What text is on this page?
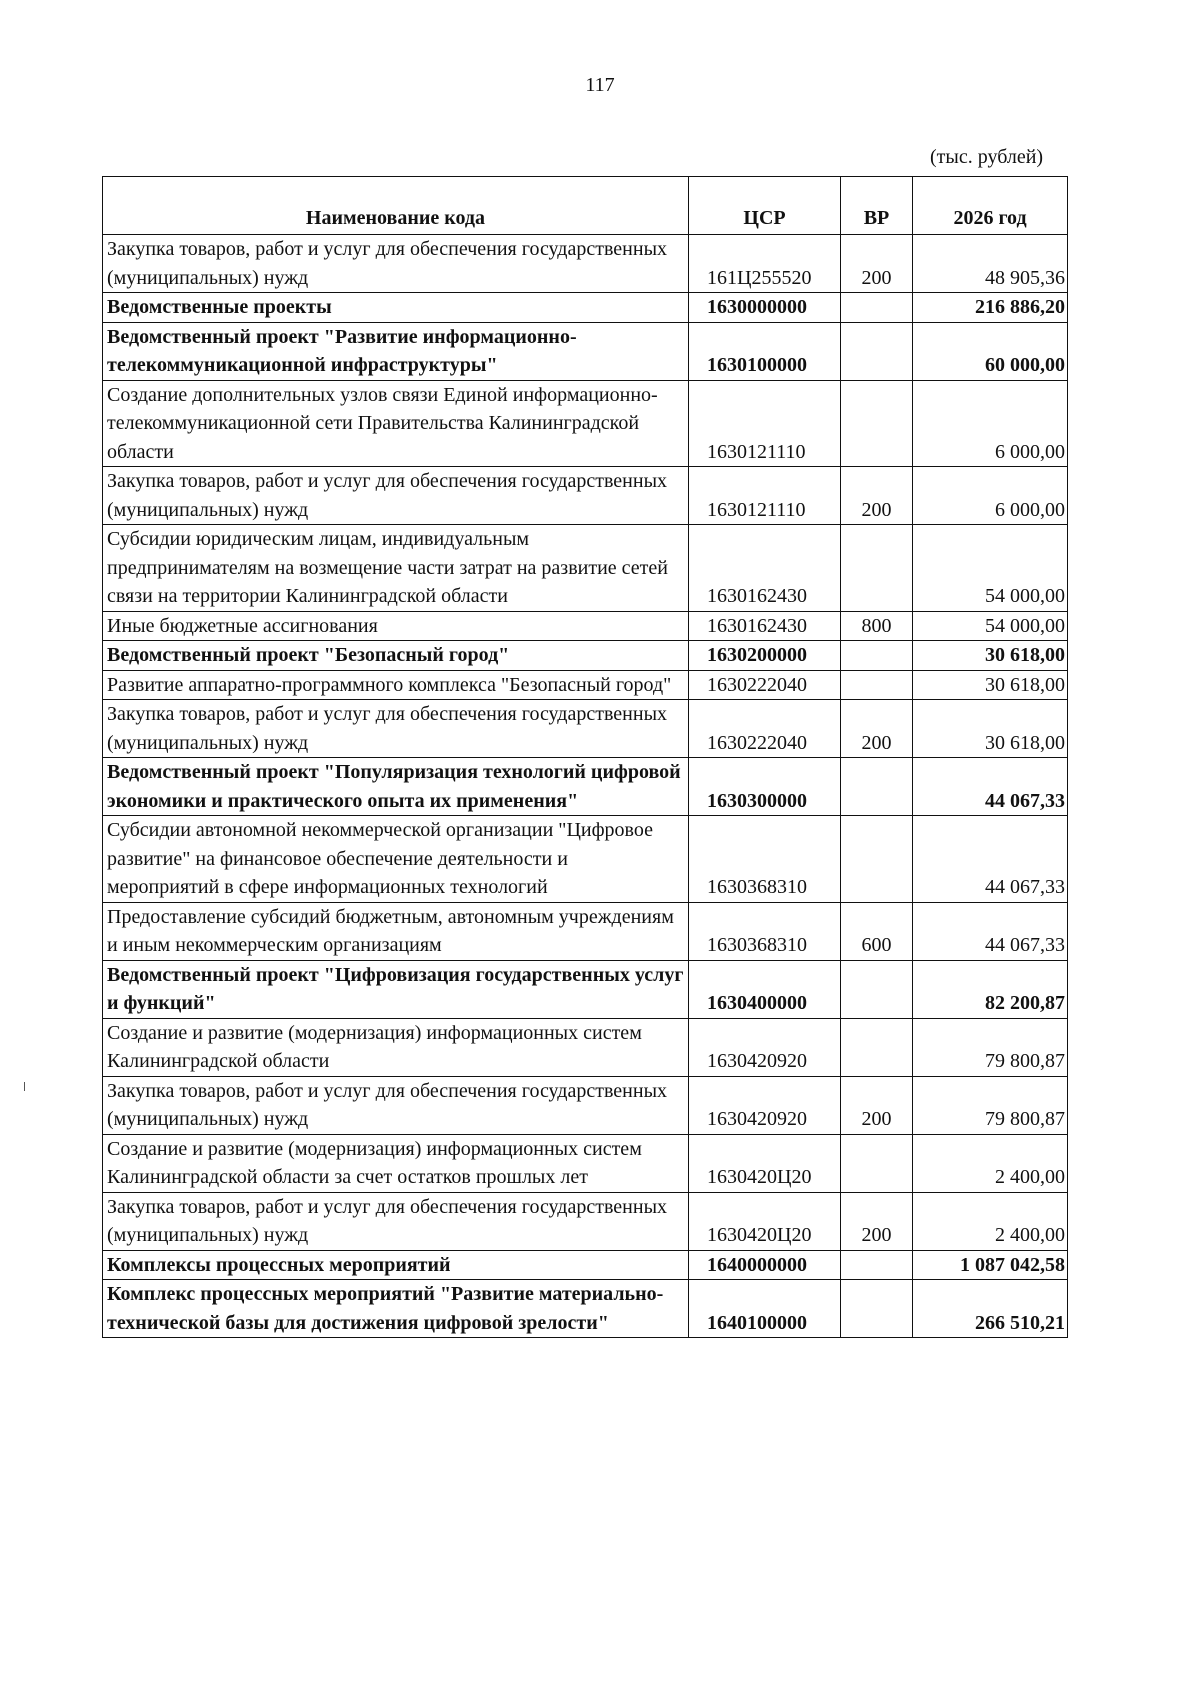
117
(тыс. рублей)
Наименование кода	ЦСР	ВР	2026 год
Закупка товаров, работ и услуг для обеспечения государственных (муниципальных) нужд	161Ц255520	200	48 905,36
Ведомственные проекты	1630000000		216 886,20
Ведомственный проект "Развитие информационно-телекоммуникационной инфраструктуры"	1630100000		60 000,00
Создание дополнительных узлов связи Единой информационно-телекоммуникационной сети Правительства Калининградской области	1630121110		6 000,00
Закупка товаров, работ и услуг для обеспечения государственных (муниципальных) нужд	1630121110	200	6 000,00
Субсидии юридическим лицам, индивидуальным предпринимателям на возмещение части затрат на развитие сетей связи на территории Калининградской области	1630162430		54 000,00
Иные бюджетные ассигнования	1630162430	800	54 000,00
Ведомственный проект "Безопасный город"	1630200000		30 618,00
Развитие аппаратно-программного комплекса "Безопасный город"	1630222040		30 618,00
Закупка товаров, работ и услуг для обеспечения государственных (муниципальных) нужд	1630222040	200	30 618,00
Ведомственный проект "Популяризация технологий цифровой экономики и практического опыта их применения"	1630300000		44 067,33
Субсидии автономной некоммерческой организации "Цифровое развитие" на финансовое обеспечение деятельности и мероприятий в сфере информационных технологий	1630368310		44 067,33
Предоставление субсидий бюджетным, автономным учреждениям и иным некоммерческим организациям	1630368310	600	44 067,33
Ведомственный проект "Цифровизация государственных услуг и функций"	1630400000		82 200,87
Создание и развитие (модернизация) информационных систем Калининградской области	1630420920		79 800,87
Закупка товаров, работ и услуг для обеспечения государственных (муниципальных) нужд	1630420920	200	79 800,87
Создание и развитие (модернизация) информационных систем Калининградской области за счет остатков прошлых лет	1630420Ц20		2 400,00
Закупка товаров, работ и услуг для обеспечения государственных (муниципальных) нужд	1630420Ц20	200	2 400,00
Комплексы процессных мероприятий	1640000000		1 087 042,58
Комплекс процессных мероприятий "Развитие материально-технической базы для достижения цифровой зрелости"	1640100000		266 510,21
